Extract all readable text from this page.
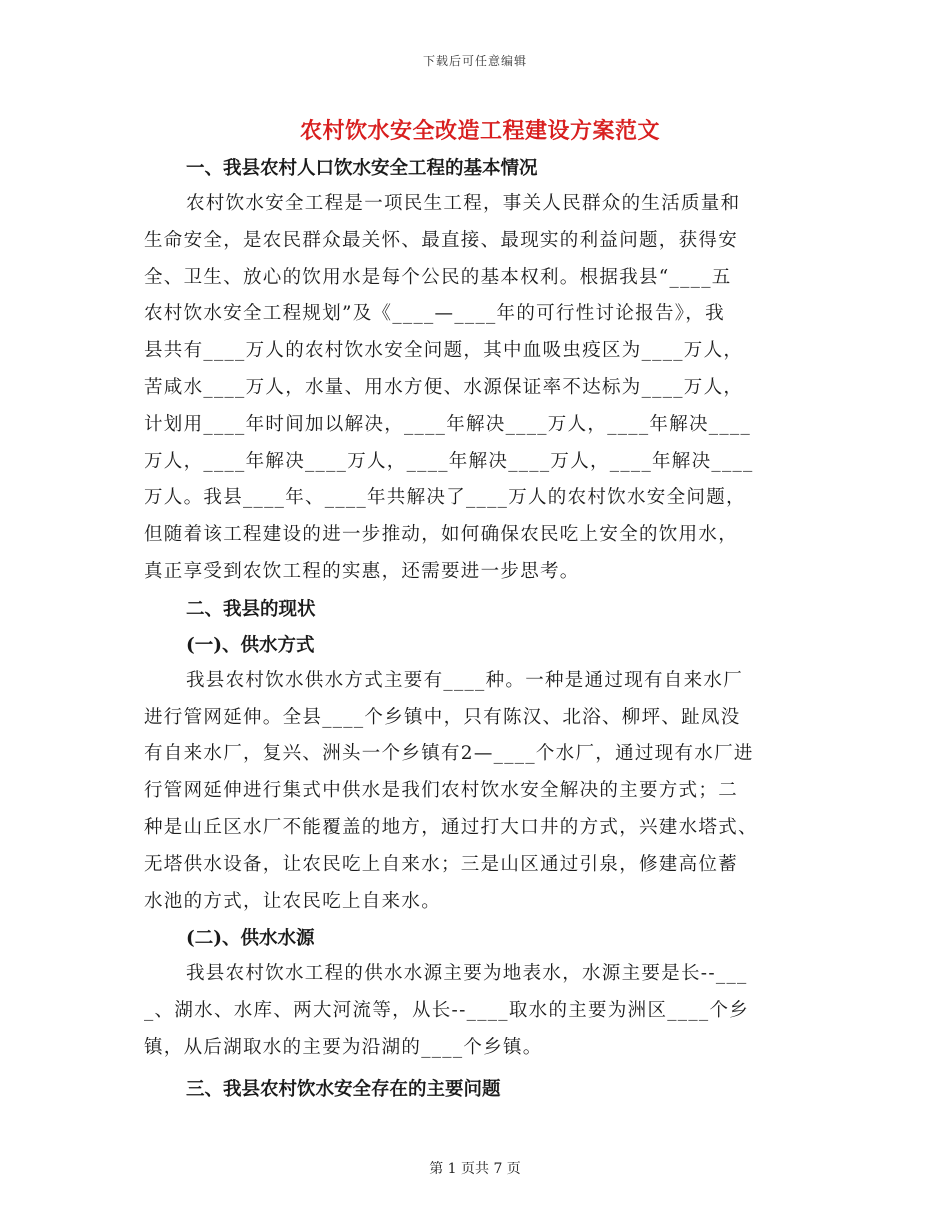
下载后可任意编辑
农村饮水安全改造工程建设方案范文
一、我县农村人口饮水安全工程的基本情况
农村饮水安全工程是一项民生工程，事关人民群众的生活质量和
生命安全，是农民群众最关怀、最直接、最现实的利益问题，获得安
全、卫生、放心的饮用水是每个公民的基本权利。根据我县“____五
农村饮水安全工程规划”及《____—____年的可行性讨论报告》，我
县共有____万人的农村饮水安全问题，其中血吸虫疫区为____万人，
苦咸水____万人，水量、用水方便、水源保证率不达标为____万人，
计划用____年时间加以解决，____年解决____万人，____年解决____
万人，____年解决____万人，____年解决____万人，____年解决____
万人。我县____年、____年共解决了____万人的农村饮水安全问题，
但随着该工程建设的进一步推动，如何确保农民吃上安全的饮用水，
真正享受到农饮工程的实惠，还需要进一步思考。
二、我县的现状
(一)、供水方式
我县农村饮水供水方式主要有____种。一种是通过现有自来水厂
进行管网延伸。全县____个乡镇中，只有陈汉、北浴、柳坪、趾凤没
有自来水厂，复兴、洲头一个乡镇有2—____个水厂，通过现有水厂进
行管网延伸进行集式中供水是我们农村饮水安全解决的主要方式；二
种是山丘区水厂不能覆盖的地方，通过打大口井的方式，兴建水塔式、
无塔供水设备，让农民吃上自来水；三是山区通过引泉，修建高位蓄
水池的方式，让农民吃上自来水。
(二)、供水水源
我县农村饮水工程的供水水源主要为地表水，水源主要是长--___
_、湖水、水库、两大河流等，从长--____取水的主要为洲区____个乡
镇，从后湖取水的主要为沿湖的____个乡镇。
三、我县农村饮水安全存在的主要问题
第 1 页共 7 页
